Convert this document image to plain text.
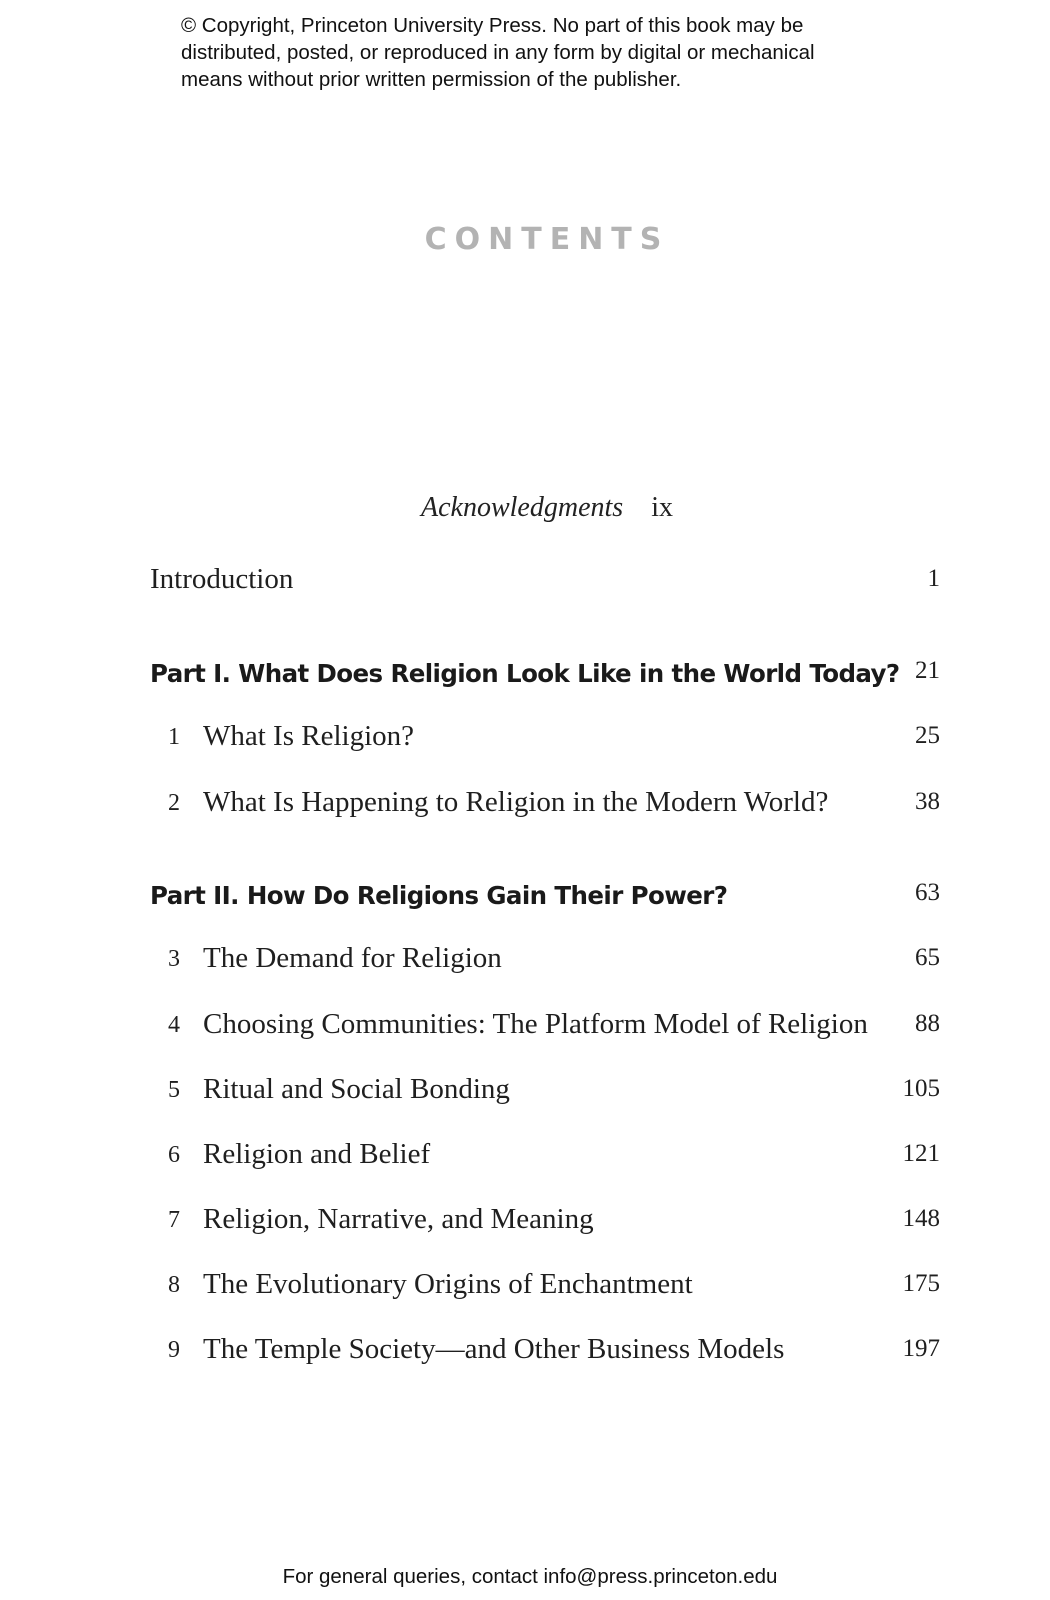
© Copyright, Princeton University Press. No part of this book may be
distributed, posted, or reproduced in any form by digital or mechanical
means without prior written permission of the publisher.
CONTENTS
Acknowledgments ix
Introduction	1
Part I. What Does Religion Look Like in the World Today? 21
1 What Is Religion?	25
2 What Is Happening to Religion in the Modern World?	38
Part II. How Do Religions Gain Their Power?	63
3 The Demand for Religion	65
4 Choosing Communities: The Platform Model of Religion 88
5 Ritual and Social Bonding	105
6 Religion and Belief	121
7 Religion, Narrative, and Meaning	148
8 The Evolutionary Origins of Enchantment	175
9 The Temple Society—and Other Business Models	197
For general queries, contact info@press.princeton.edu
